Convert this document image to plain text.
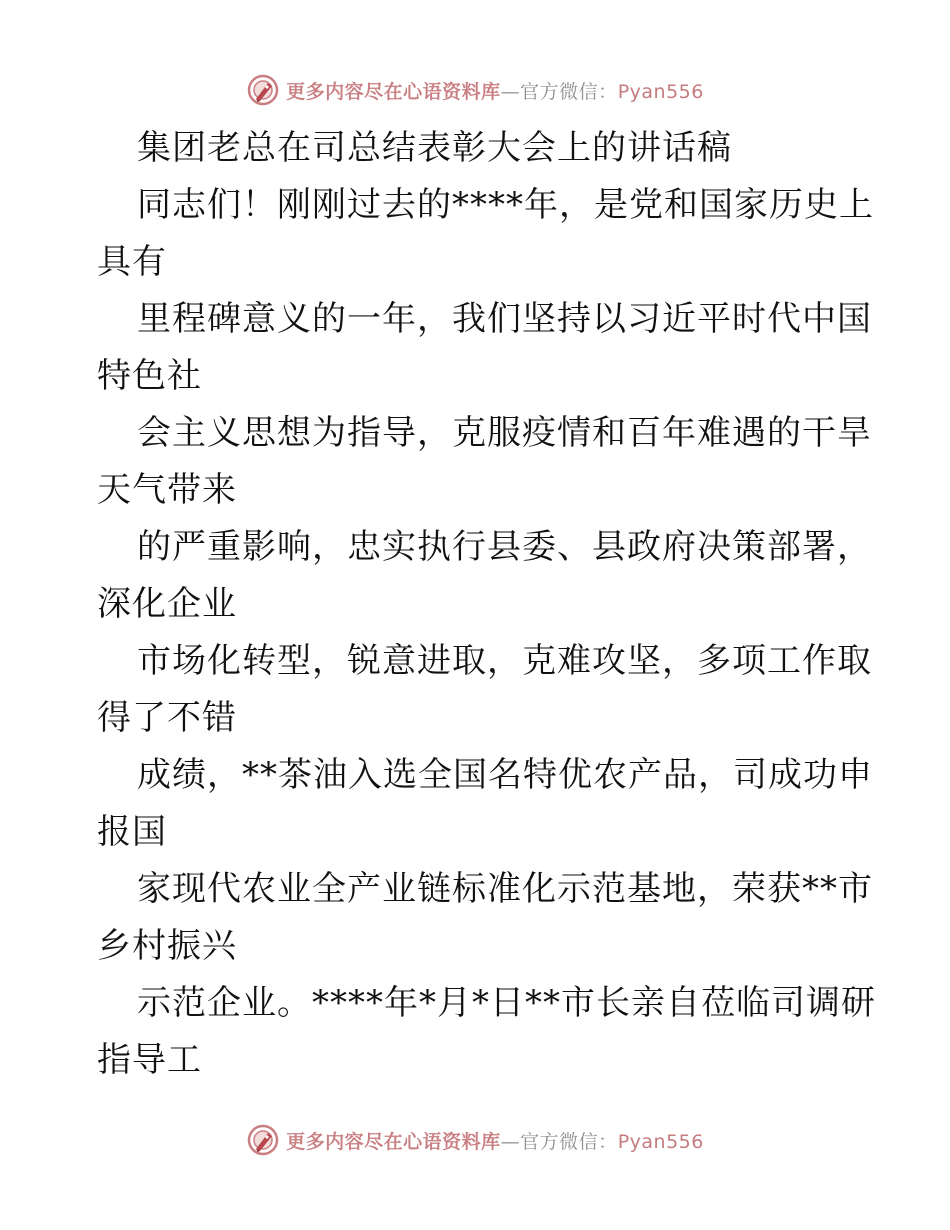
更多内容尽在心语资料库—官方微信：Pyan556
集团老总在司总结表彰大会上的讲话稿
同志们！刚刚过去的****年，是党和国家历史上
具有
里程碑意义的一年，我们坚持以习近平时代中国
特色社
会主义思想为指导，克服疫情和百年难遇的干旱
天气带来
的严重影响，忠实执行县委、县政府决策部署，
深化企业
市场化转型，锐意进取，克难攻坚，多项工作取
得了不错
成绩，**茶油入选全国名特优农产品，司成功申
报国
家现代农业全产业链标准化示范基地，荣获**市
乡村振兴
示范企业。****年*月*日**市长亲自莅临司调研
指导工
更多内容尽在心语资料库—官方微信：Pyan556
